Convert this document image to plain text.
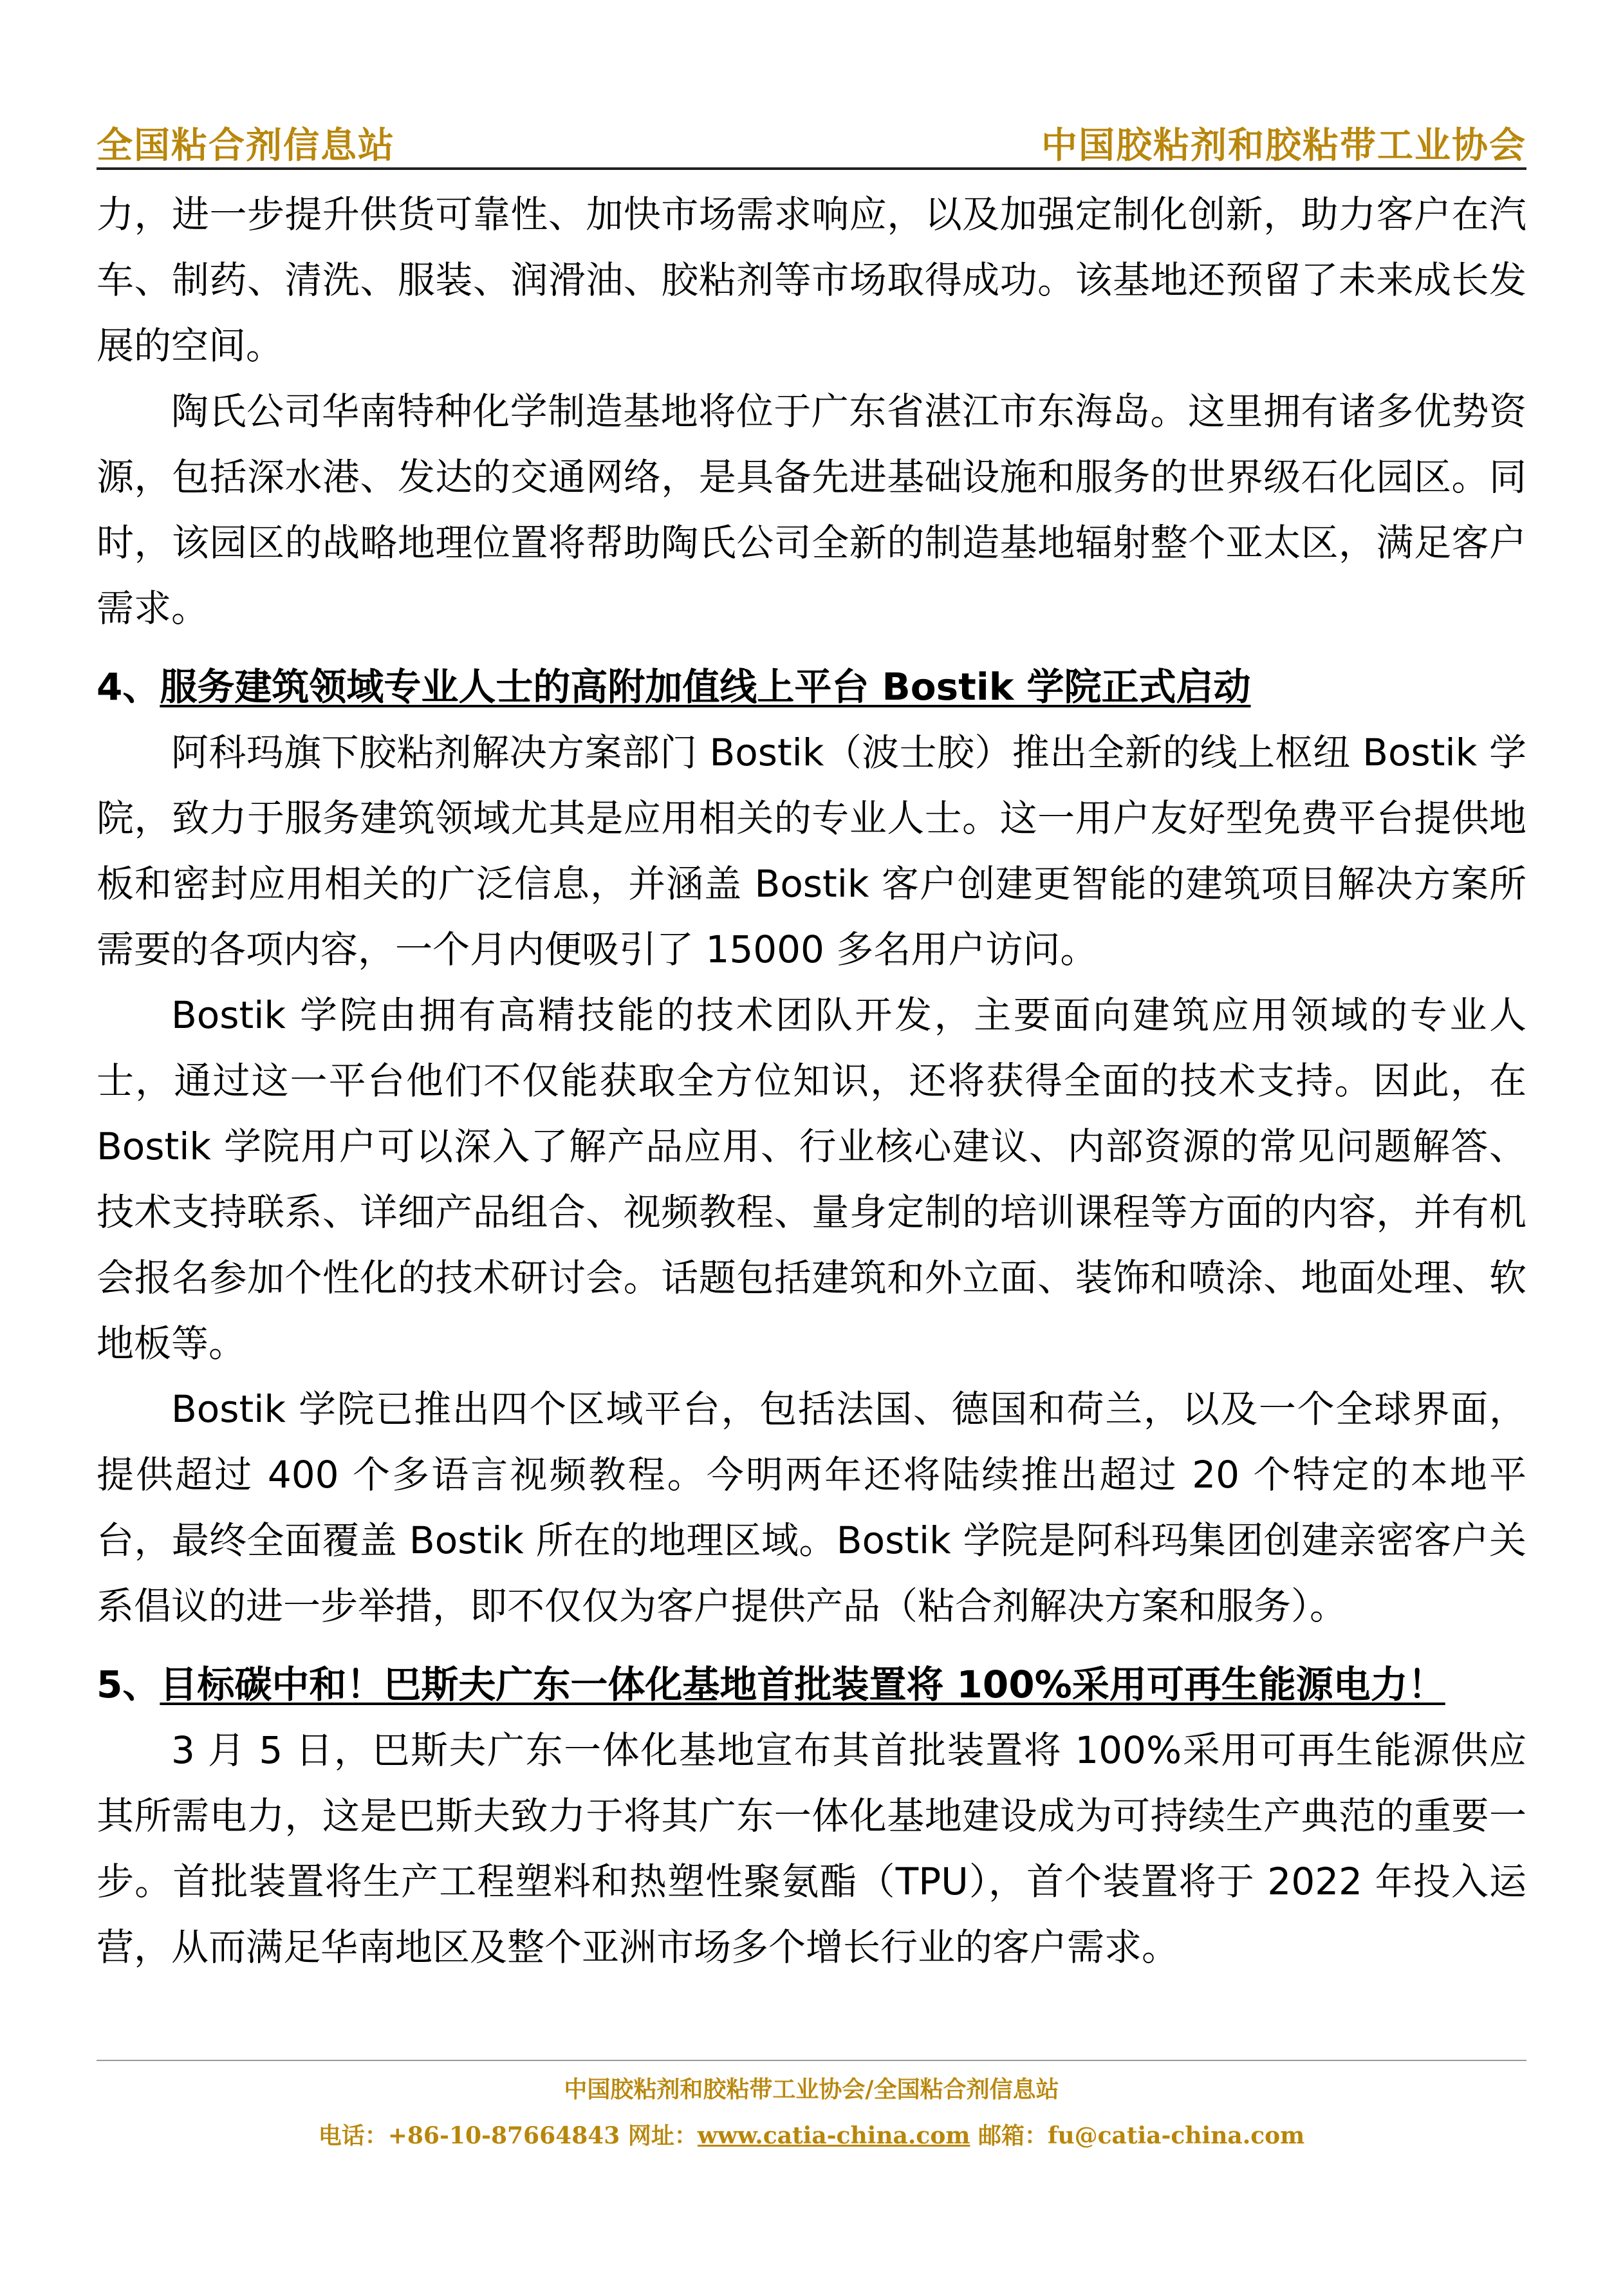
全国粘合剂信息站	中国胶粘剂和胶粘带工业协会

力，进一步提升供货可靠性、加快市场需求响应，以及加强定制化创新，助力客户在汽车、制药、清洗、服装、润滑油、胶粘剂等市场取得成功。该基地还预留了未来成长发展的空间。

陶氏公司华南特种化学制造基地将位于广东省湛江市东海岛。这里拥有诸多优势资源，包括深水港、发达的交通网络，是具备先进基础设施和服务的世界级石化园区。同时，该园区的战略地理位置将帮助陶氏公司全新的制造基地辐射整个亚太区，满足客户需求。

4、服务建筑领域专业人士的高附加值线上平台 Bostik 学院正式启动

阿科玛旗下胶粘剂解决方案部门 Bostik（波士胶）推出全新的线上枢纽 Bostik 学院，致力于服务建筑领域尤其是应用相关的专业人士。这一用户友好型免费平台提供地板和密封应用相关的广泛信息，并涵盖 Bostik 客户创建更智能的建筑项目解决方案所需要的各项内容，一个月内便吸引了 15000 多名用户访问。

Bostik 学院由拥有高精技能的技术团队开发，主要面向建筑应用领域的专业人士，通过这一平台他们不仅能获取全方位知识，还将获得全面的技术支持。因此，在 Bostik 学院用户可以深入了解产品应用、行业核心建议、内部资源的常见问题解答、技术支持联系、详细产品组合、视频教程、量身定制的培训课程等方面的内容，并有机会报名参加个性化的技术研讨会。话题包括建筑和外立面、装饰和喷涂、地面处理、软地板等。

Bostik 学院已推出四个区域平台，包括法国、德国和荷兰，以及一个全球界面，提供超过 400 个多语言视频教程。今明两年还将陆续推出超过 20 个特定的本地平台，最终全面覆盖 Bostik 所在的地理区域。Bostik 学院是阿科玛集团创建亲密客户关系倡议的进一步举措，即不仅仅为客户提供产品（粘合剂解决方案和服务）。

5、目标碳中和！巴斯夫广东一体化基地首批装置将 100%采用可再生能源电力！

3 月 5 日，巴斯夫广东一体化基地宣布其首批装置将 100%采用可再生能源供应其所需电力，这是巴斯夫致力于将其广东一体化基地建设成为可持续生产典范的重要一步。首批装置将生产工程塑料和热塑性聚氨酯（TPU），首个装置将于 2022 年投入运营，从而满足华南地区及整个亚洲市场多个增长行业的客户需求。

中国胶粘剂和胶粘带工业协会/全国粘合剂信息站
电话：+86-10-87664843 网址：www.catia-china.com 邮箱：fu@catia-china.com
